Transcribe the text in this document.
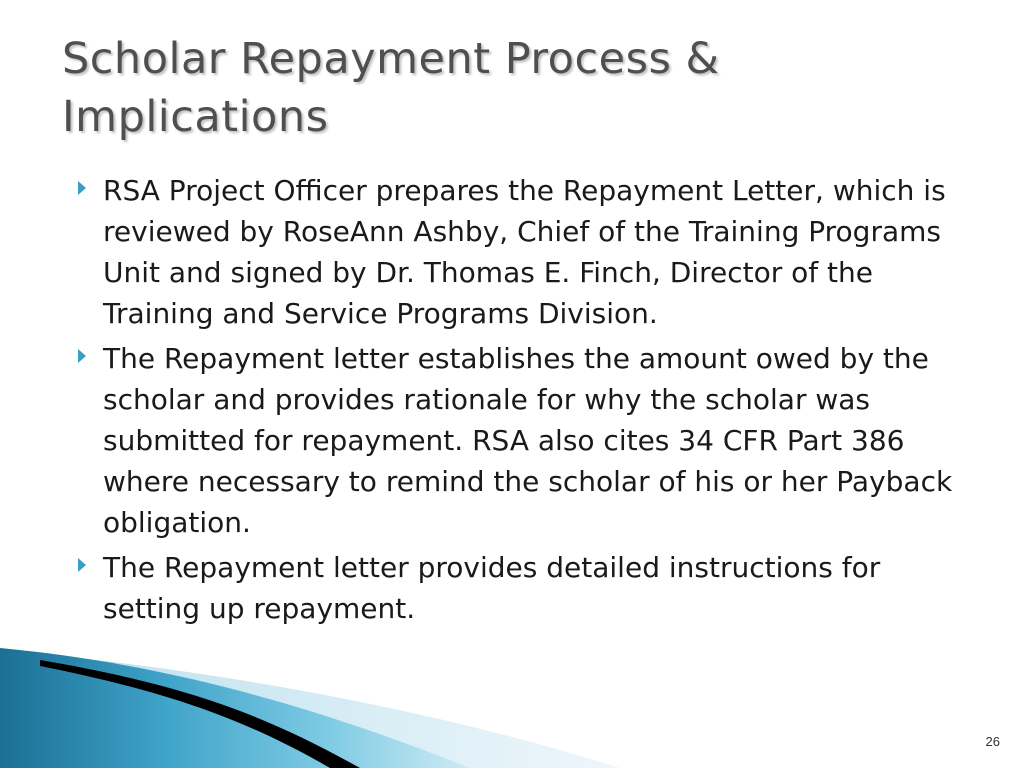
Scholar Repayment Process &
Implications
RSA Project Officer prepares the Repayment Letter, which is reviewed by RoseAnn Ashby, Chief of the Training Programs Unit and signed by Dr. Thomas E. Finch, Director of the Training and Service Programs Division.
The Repayment letter establishes the amount owed by the scholar and provides rationale for why the scholar was submitted for repayment. RSA also cites 34 CFR Part 386 where necessary to remind the scholar of his or her Payback obligation.
The Repayment letter provides detailed instructions for setting up repayment.
26
